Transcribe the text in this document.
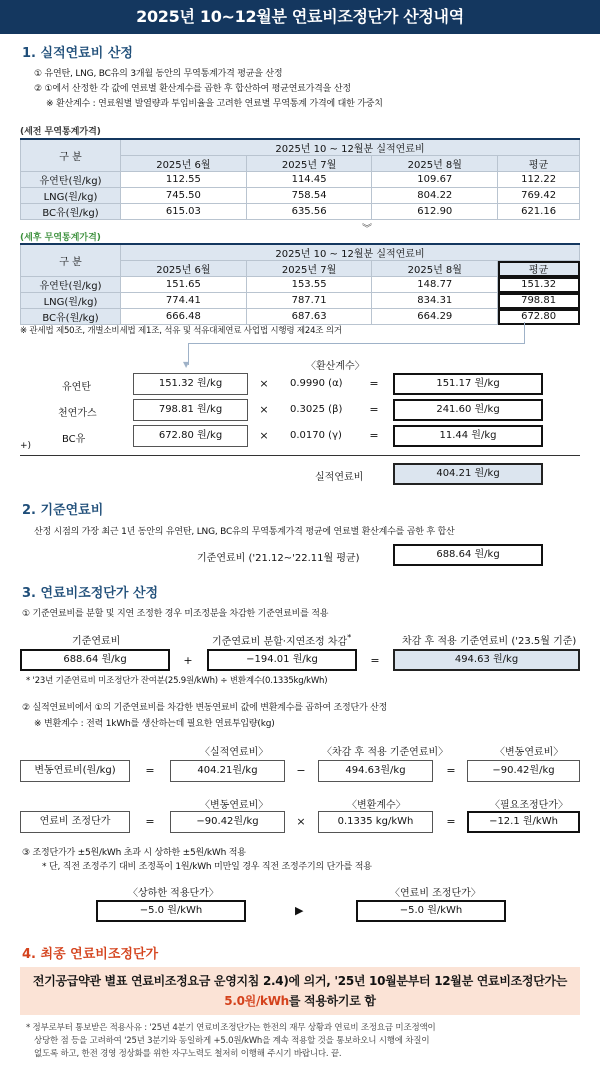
2025년 10~12월분 연료비조정단가 산정내역
1. 실적연료비 산정
① 유연탄, LNG, BC유의 3개월 동안의 무역통계가격 평균을 산정
② ①에서 산정한 각 값에 연료별 환산계수를 곱한 후 합산하여 평균연료가격을 산정
※ 환산계수 : 연료원별 발열량과 투입비율을 고려한 연료별 무역통계 가격에 대한 가중치
(세전 무역통계가격)
구 분	2025년 10 ~ 12월분 실적연료비			
	2025년 6월	2025년 7월	2025년 8월	평균
유연탄(원/kg)	112.55	114.45	109.67	112.22
LNG(원/kg)	745.50	758.54	804.22	769.42
BC유(원/kg)	615.03	635.56	612.90	621.16
︾
(세후 무역통계가격)
구 분	2025년 10 ~ 12월분 실적연료비			
	2025년 6월	2025년 7월	2025년 8월	평균
유연탄(원/kg)	151.65	153.55	148.77	151.32
LNG(원/kg)	774.41	787.71	834.31	798.81
BC유(원/kg)	666.48	687.63	664.29	672.80
※ 관세법 제50조, 개별소비세법 제1조, 석유 및 석유대체연료 사업법 시행령 제24조 의거
▼	〈환산계수〉
유연탄	151.32 원/kg	×	0.9990 (α)	=	151.17 원/kg
천연가스	798.81 원/kg	×	0.3025 (β)	=	241.60 원/kg
BC유	672.80 원/kg	×	0.0170 (γ)	=	11.44 원/kg
+)
실적연료비	404.21 원/kg
2. 기준연료비
산정 시점의 가장 최근 1년 동안의 유연탄, LNG, BC유의 무역통계가격 평균에 연료별 환산계수를 곱한 후 합산
기준연료비 ('21.12~'22.11월 평균)	688.64 원/kg
3. 연료비조정단가 산정
① 기준연료비를 분할 및 지연 조정한 경우 미조정분을 차감한 기준연료비를 적용
기준연료비	기준연료비 분할·지연조정 차감*	차감 후 적용 기준연료비 ('23.5월 기준)
688.64 원/kg	+	−194.01 원/kg	=	494.63 원/kg
* '23년 기준연료비 미조정단가 잔여분(25.9원/kWh) ÷ 변환계수(0.1335kg/kWh)
② 실적연료비에서 ①의 기준연료비를 차감한 변동연료비 값에 변환계수를 곱하여 조정단가 산정
※ 변환계수 : 전력 1kWh를 생산하는데 필요한 연료투입량(kg)
〈실적연료비〉	〈차감 후 적용 기준연료비〉	〈변동연료비〉
변동연료비(원/kg)	=	404.21원/kg	−	494.63원/kg	=	−90.42원/kg
〈변동연료비〉	〈변환계수〉	〈필요조정단가〉
연료비 조정단가	=	−90.42원/kg	×	0.1335 kg/kWh	=	−12.1 원/kWh
③ 조정단가가 ±5원/kWh 초과 시 상하한 ±5원/kWh 적용
* 단, 직전 조정주기 대비 조정폭이 1원/kWh 미만일 경우 직전 조정주기의 단가를 적용
〈상하한 적용단가〉	〈연료비 조정단가〉
−5.0 원/kWh	▶	−5.0 원/kWh
4. 최종 연료비조정단가
전기공급약관 별표 연료비조정요금 운영지침 2.4)에 의거, '25년 10월분부터 12월분 연료비조정단가는
5.0원/kWh를 적용하기로 함
* 정부로부터 통보받은 적용사유 : '25년 4분기 연료비조정단가는 한전의 재무 상황과 연료비 조정요금 미조정액이
상당한 점 등을 고려하여 '25년 3분기와 동일하게 +5.0원/kWh을 계속 적용할 것을 통보하오니 시행에 차질이
없도록 하고, 한전 경영 정상화를 위한 자구노력도 철저히 이행해 주시기 바랍니다. 끝.
